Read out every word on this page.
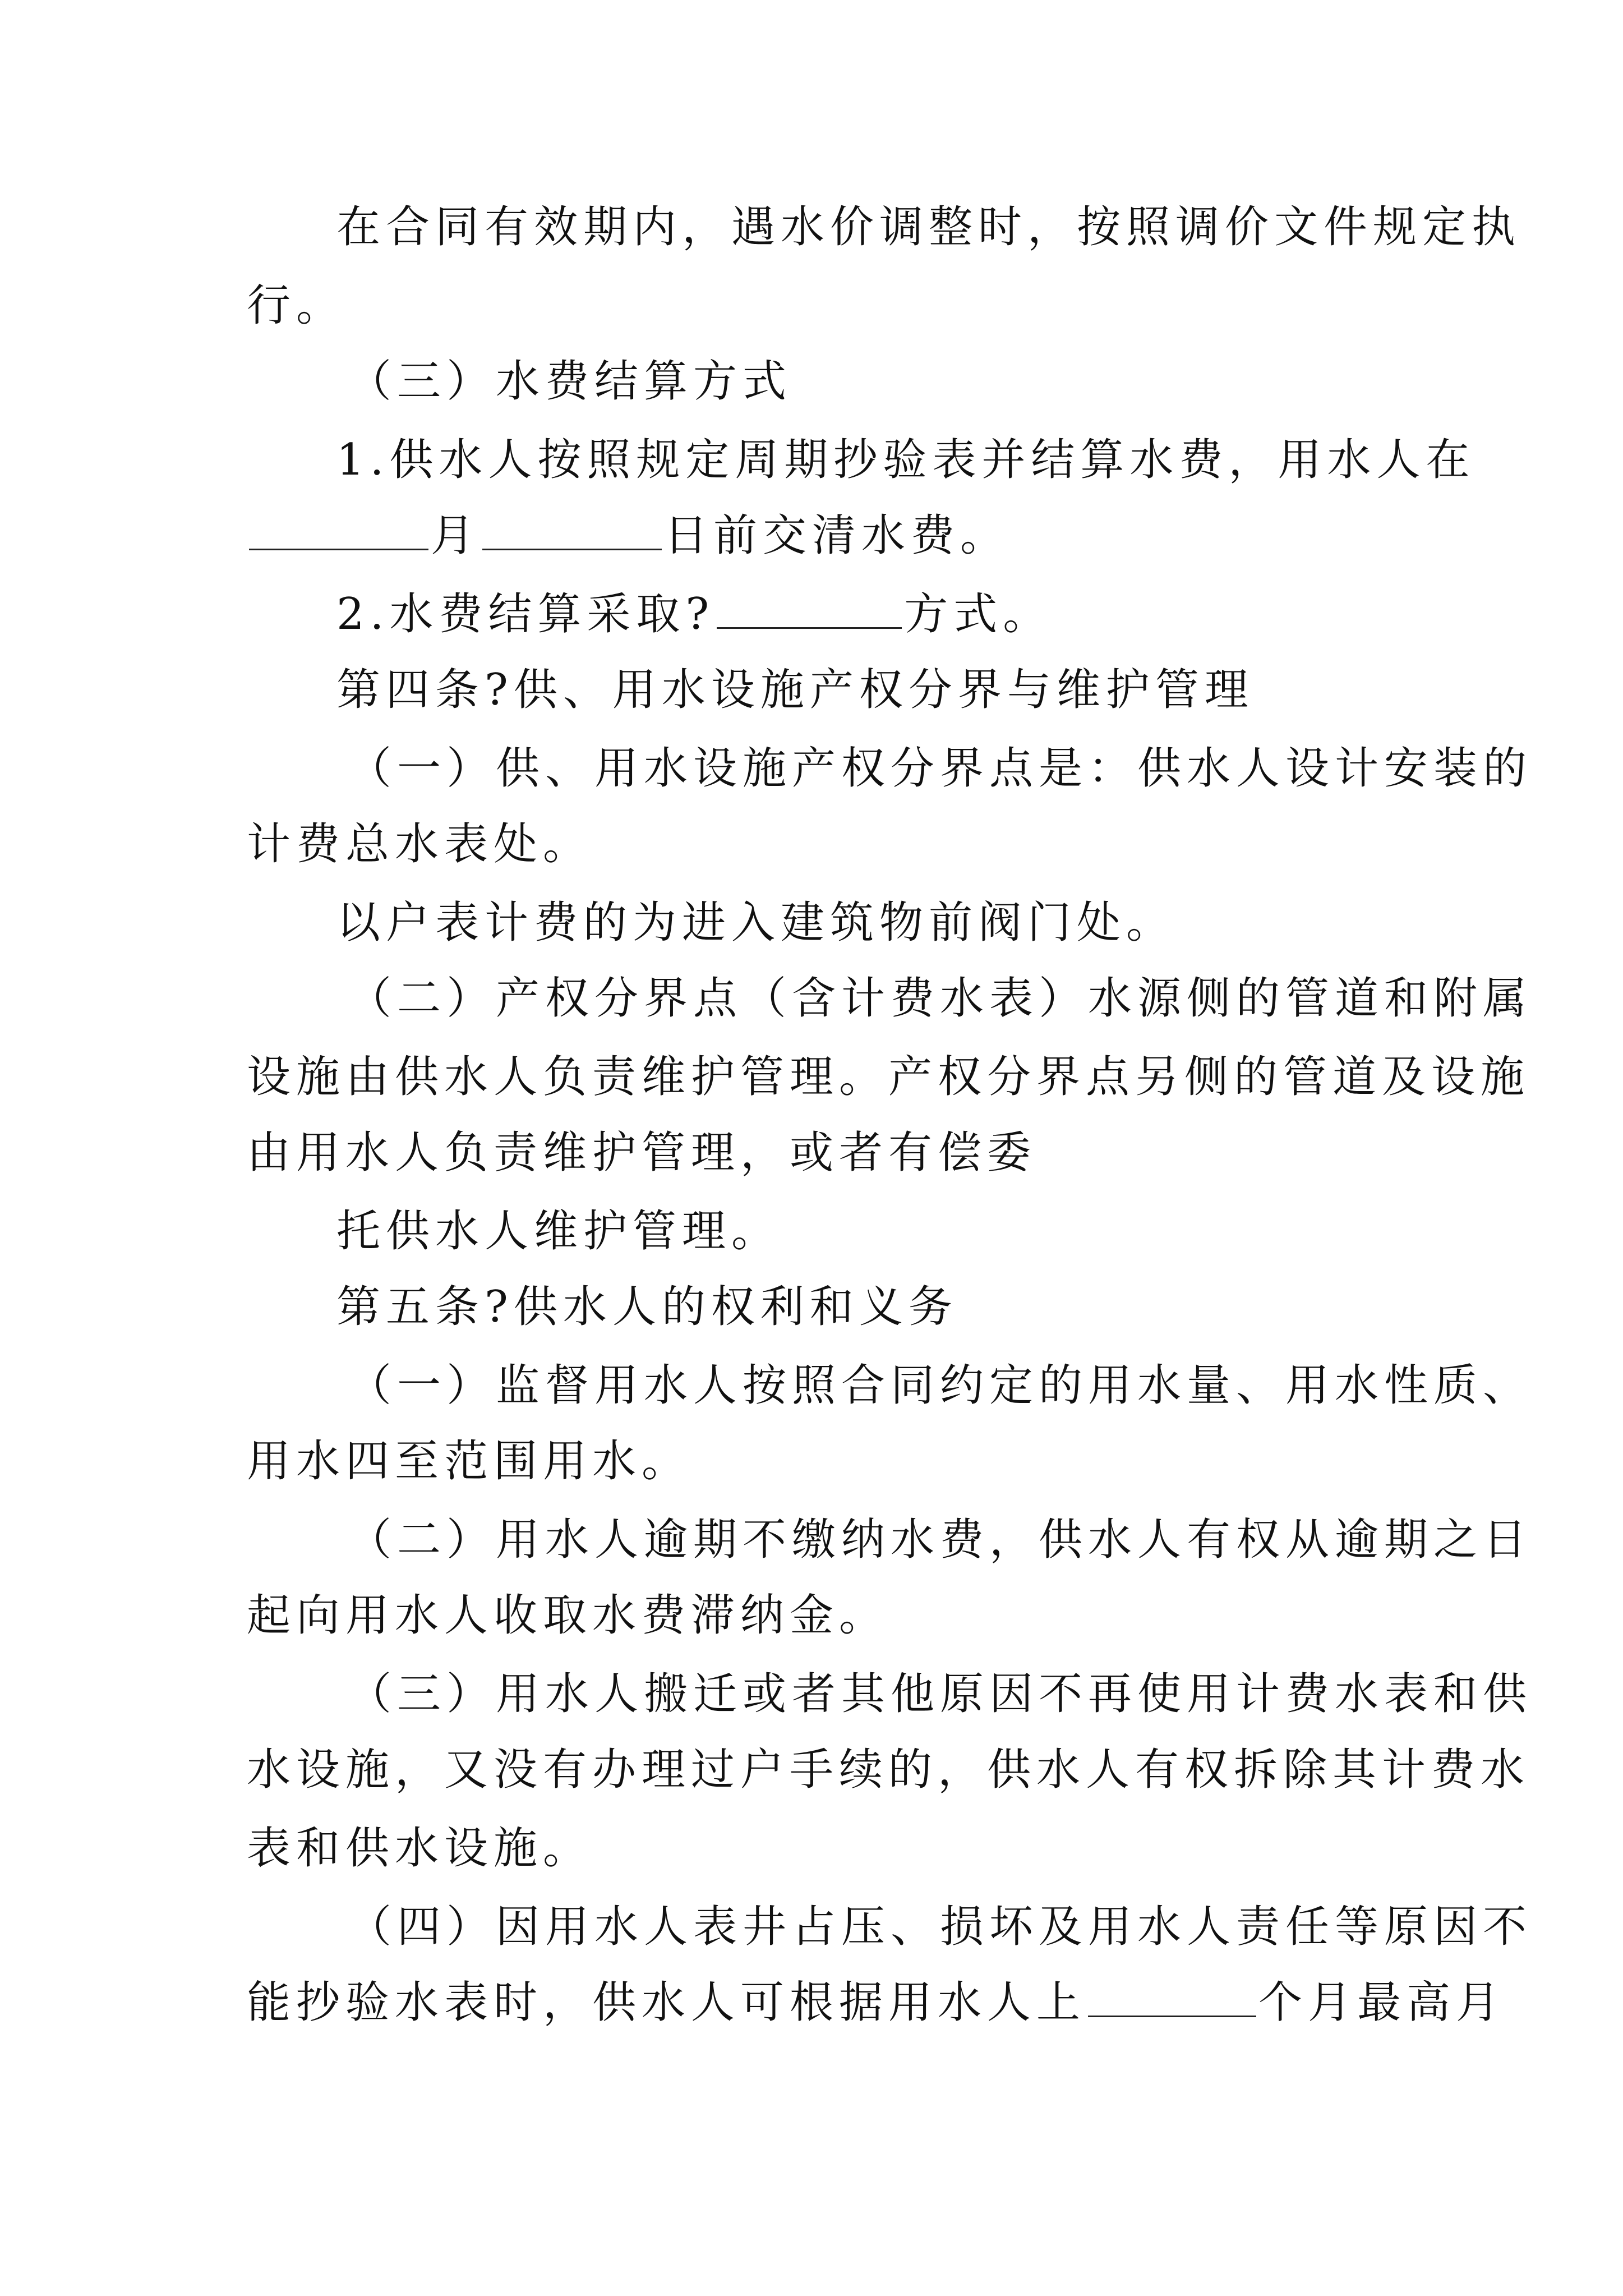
在合同有效期内，遇水价调整时，按照调价文件规定执
行。
（三）水费结算方式
1.供水人按照规定周期抄验表并结算水费，用水人在
月	日前交清水费。
2.水费结算采取?	方式。
第四条?供、用水设施产权分界与维护管理
（一）供、用水设施产权分界点是：供水人设计安装的
计费总水表处。
以户表计费的为进入建筑物前阀门处。
（二）产权分界点（含计费水表）水源侧的管道和附属
设施由供水人负责维护管理。产权分界点另侧的管道及设施
由用水人负责维护管理，或者有偿委
托供水人维护管理。
第五条?供水人的权利和义务
（一）监督用水人按照合同约定的用水量、用水性质、
用水四至范围用水。
（二）用水人逾期不缴纳水费，供水人有权从逾期之日
起向用水人收取水费滞纳金。
（三）用水人搬迁或者其他原因不再使用计费水表和供
水设施，又没有办理过户手续的，供水人有权拆除其计费水
表和供水设施。
（四）因用水人表井占压、损坏及用水人责任等原因不
能抄验水表时，供水人可根据用水人上	个月最高月
